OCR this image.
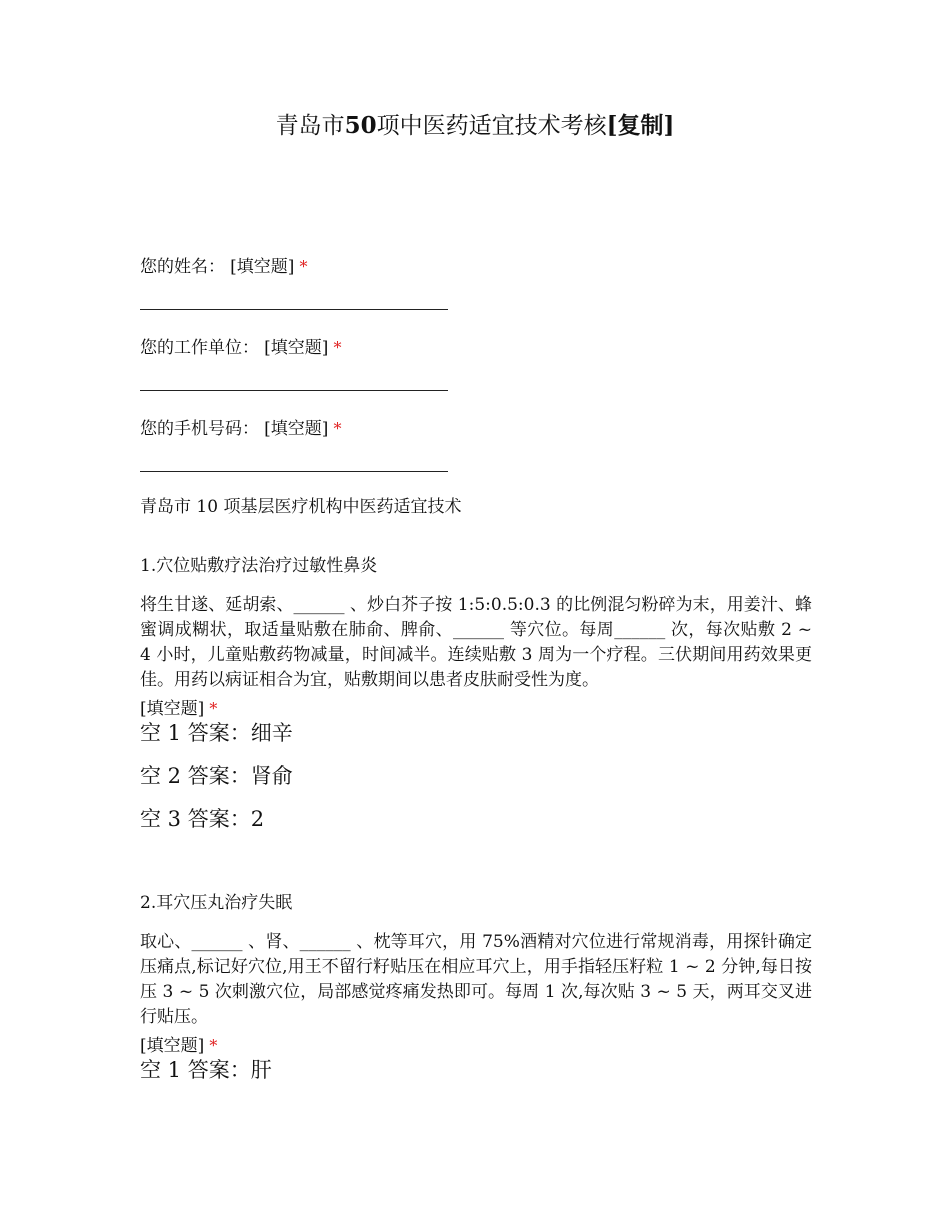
青岛市50项中医药适宜技术考核[复制]
您的姓名： [填空题] *
您的工作单位： [填空题] *
您的手机号码： [填空题] *
青岛市 10 项基层医疗机构中医药适宜技术
1.穴位贴敷疗法治疗过敏性鼻炎
将生甘遂、延胡索、______ 、炒白芥子按 1:5:0.5:0.3 的比例混匀粉碎为末，用姜汁、蜂蜜调成糊状，取适量贴敷在肺俞、脾俞、______ 等穴位。每周______ 次，每次贴敷 2 ~ 4 小时，儿童贴敷药物减量，时间减半。连续贴敷 3 周为一个疗程。三伏期间用药效果更佳。用药以病证相合为宜，贴敷期间以患者皮肤耐受性为度。
[填空题] *
空 1 答案：细辛
空 2 答案：肾俞
空 3 答案：2
2.耳穴压丸治疗失眠
取心、______ 、肾、______ 、枕等耳穴，用 75%酒精对穴位进行常规消毒，用探针确定压痛点,标记好穴位,用王不留行籽贴压在相应耳穴上，用手指轻压籽粒 1 ~ 2 分钟,每日按压 3 ~ 5 次刺激穴位，局部感觉疼痛发热即可。每周 1 次,每次贴 3 ~ 5 天，两耳交叉进行贴压。
[填空题] *
空 1 答案：肝
